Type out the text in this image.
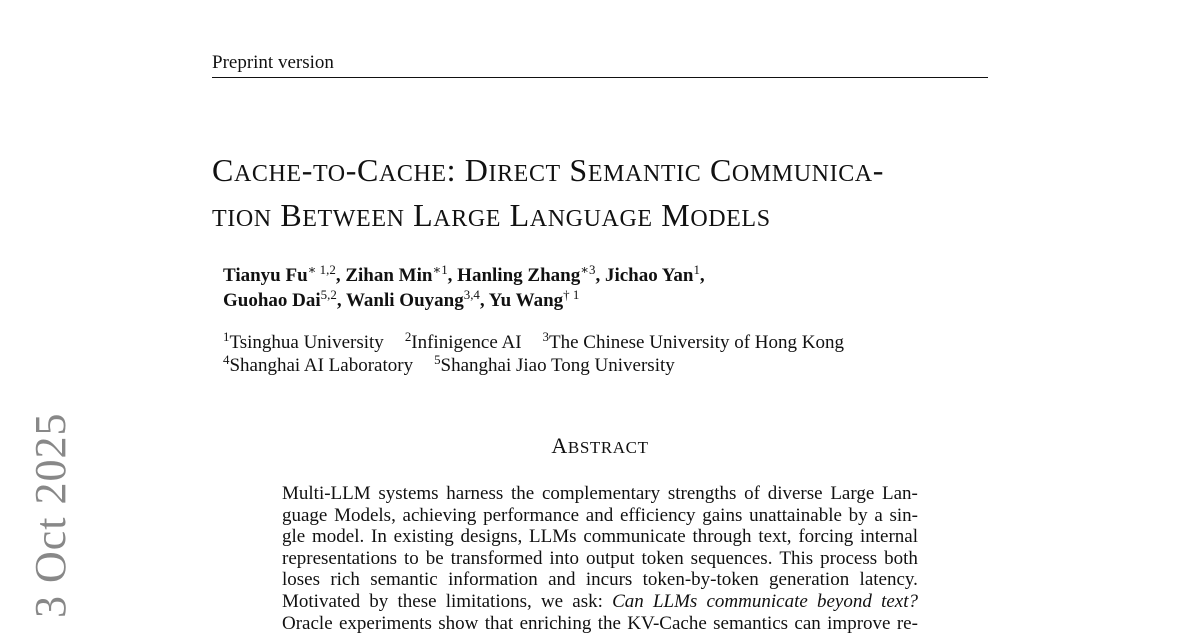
Preprint version
CACHE-TO-CACHE: DIRECT SEMANTIC COMMUNICA-
TION BETWEEN LARGE LANGUAGE MODELS
Tianyu $Fu^{∗ 1,2}$, Zihan Min$^{∗1}$, Hanling Zhang$^{∗3}$, Jichao Yan$^1$,
Guohao Dai$^{5,2}$, Wanli Ouyang$^{3,4}$, Yu Wang$^{\dagger 1}$
$^1$Tsinghua University $^2$Infinigence AI $^3$The Chinese University of Hong Kong
$^4$Shanghai AI Laboratory $^5$Shanghai Jiao Tong University
ABSTRACT
Multi-LLM systems harness the complementary strengths of diverse Large Lan-
guage Models, achieving performance and efficiency gains unattainable by a sin-
gle model. In existing designs, LLMs communicate through text, forcing internal
representations to be transformed into output token sequences. This process both
loses rich semantic information and incurs token-by-token generation latency.
Motivated by these limitations, we ask: Can LLMs communicate beyond text?
Oracle experiments show that enriching the KV-Cache semantics can improve re-
3 Oct 2025
